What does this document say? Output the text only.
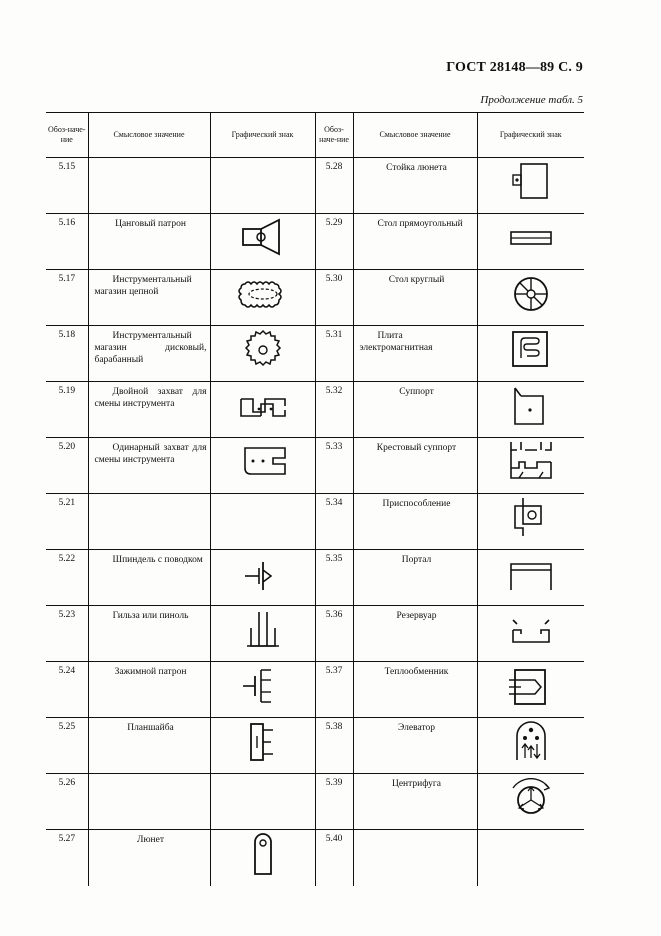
ГОСТ 28148—89 С. 9
Продолжение табл. 5
Обоз-наче-ние	Смысловое значение	Графический знак	Обоз-наче-ние	Смысловое значение	Графический знак
5.15			5.28	Стойка люнета

5.16	Цанговый патрон		5.29	Стол прямоугольный	

5.17	Инструментальный магазин цепной		5.30	Стол круглый

5.18	Инструментальный магазин дисковый, барабанный		5.31	Плита электромагнитная	

5.19	Двойной захват для смены инструмента		5.32	Суппорт

5.20	Одинарный захват для смены инструмента		5.33	Крестовый суппорт

5.21			5.34	Приспособление

5.22	Шпиндель с поводком		5.35	Портал

5.23	Гильза или пиноль		5.36	Резервуар

5.24	Зажимной патрон		5.37	Теплообменник

5.25	Планшайба		5.38	Элеватор

5.26			5.39	Центрифуга

5.27	Люнет		5.40		
